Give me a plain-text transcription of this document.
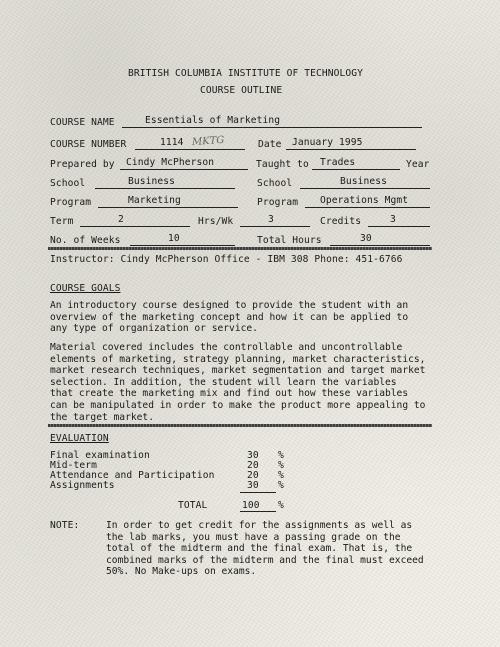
BRITISH COLUMBIA INSTITUTE OF TECHNOLOGY
COURSE OUTLINE
COURSE NAME	Essentials of Marketing
COURSE NUMBER	1114 MKTG	Date January 1995
Prepared by Cindy McPherson	Taught to Trades	Year
School	Business	School	Business
Program	Marketing	Program Operations Mgmt
Term	2	Hrs/Wk	3	Credits	3
No. of Weeks	10	Total Hours	30
Instructor: Cindy McPherson Office - IBM 308 Phone: 451-6766
COURSE GOALS
An introductory course designed to provide the student with an
overview of the marketing concept and how it can be applied to
any type of organization or service.
Material covered includes the controllable and uncontrollable
elements of marketing, strategy planning, market characteristics,
market research techniques, market segmentation and target market
selection. In addition, the student will learn the variables
that create the marketing mix and find out how these variables
can be manipulated in order to make the product more appealing to
the target market.
EVALUATION
Final examination	30 %
Mid-term	20 %
Attendance and Participation	20 %
Assignments	30 %
TOTAL	100 %
NOTE:	In order to get credit for the assignments as well as
the lab marks, you must have a passing grade on the
total of the midterm and the final exam. That is, the
combined marks of the midterm and the final must exceed
50%. No Make-ups on exams.
